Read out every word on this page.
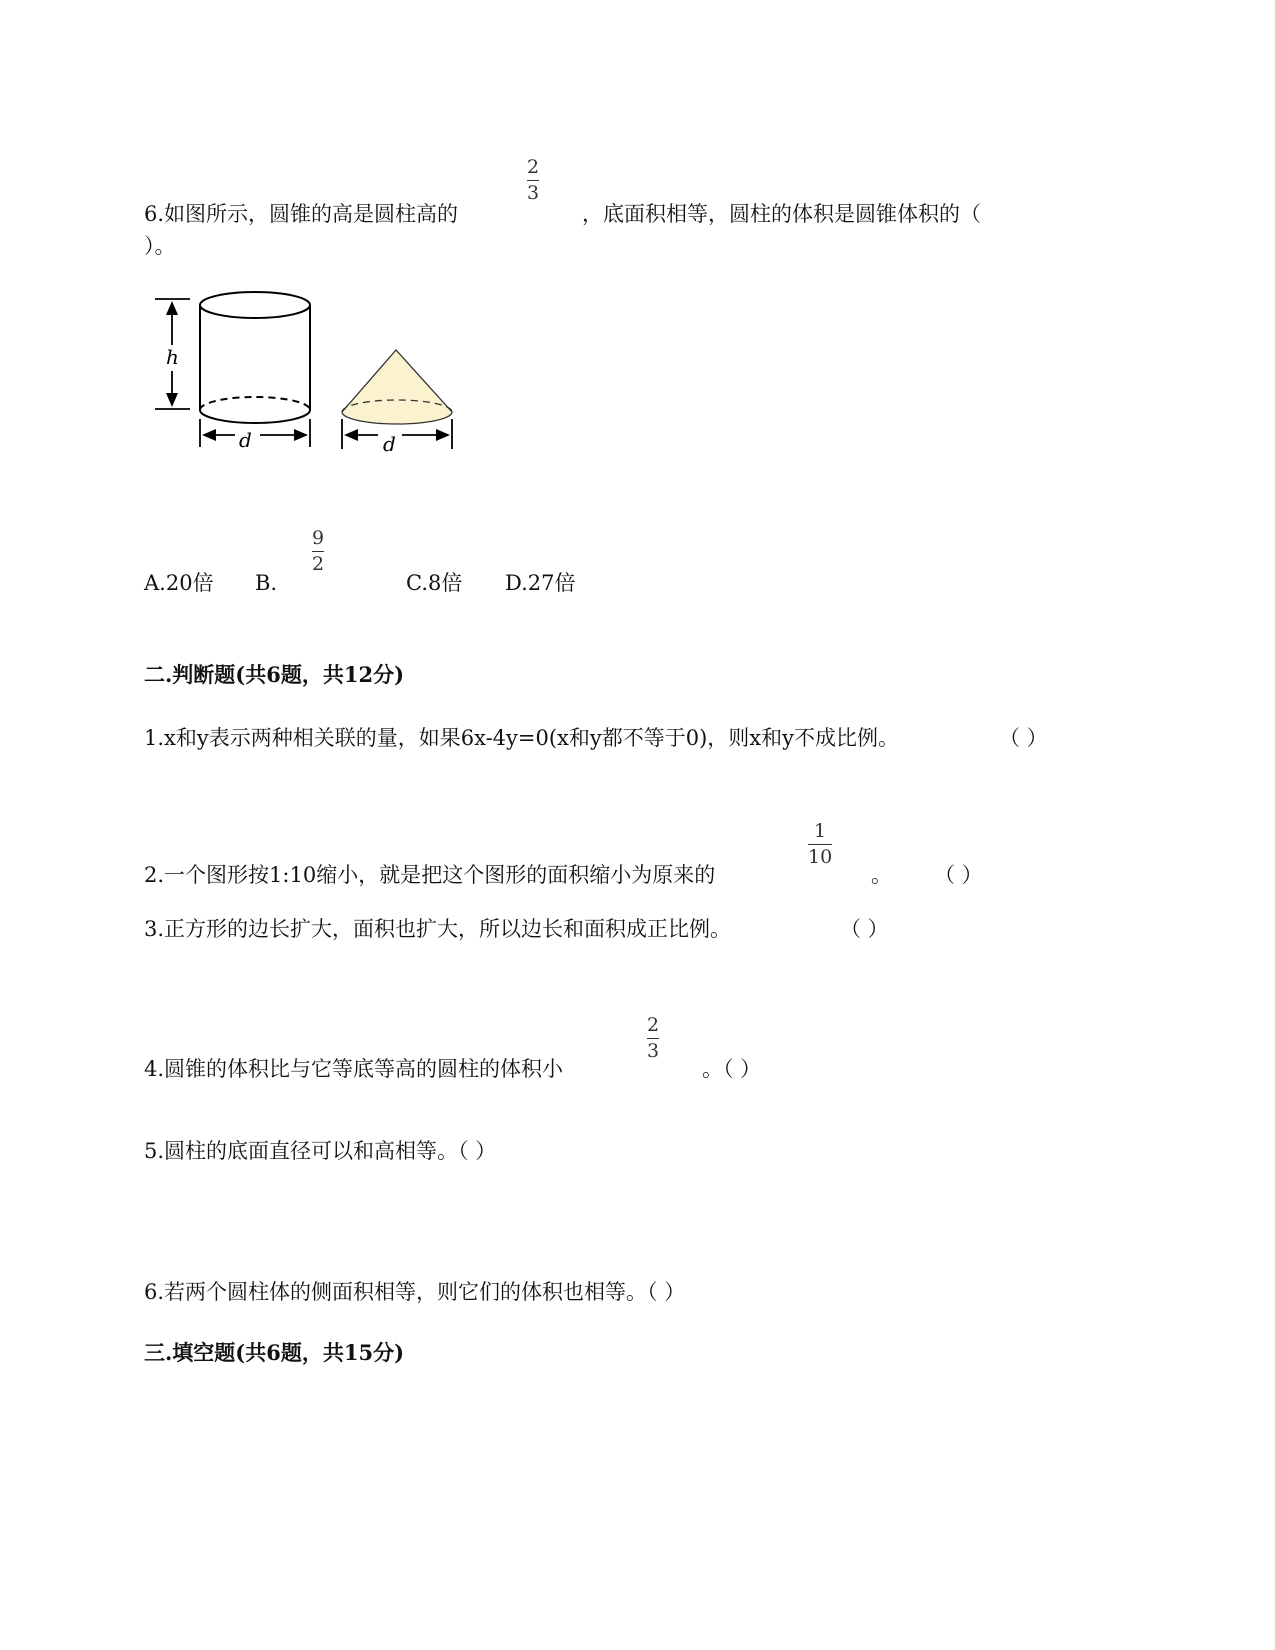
2
3
6.如图所示，圆锥的高是圆柱高的	，底面积相等，圆柱的体积是圆锥体积的（
）。
h
d	d
9
2
A.20倍 B.	C.8倍 D.27倍
二.判断题(共6题，共12分)
1.x和y表示两种相关联的量，如果6x-4y=0(x和y都不等于0)，则x和y不成比例。	（ ）
1
10
2.一个图形按1:10缩小，就是把这个图形的面积缩小为原来的	。 （ ）
3.正方形的边长扩大，面积也扩大，所以边长和面积成正比例。	（ ）
2
3
4.圆锥的体积比与它等底等高的圆柱的体积小	。（ ）
5.圆柱的底面直径可以和高相等。（ ）
6.若两个圆柱体的侧面积相等，则它们的体积也相等。（ ）
三.填空题(共6题，共15分)
